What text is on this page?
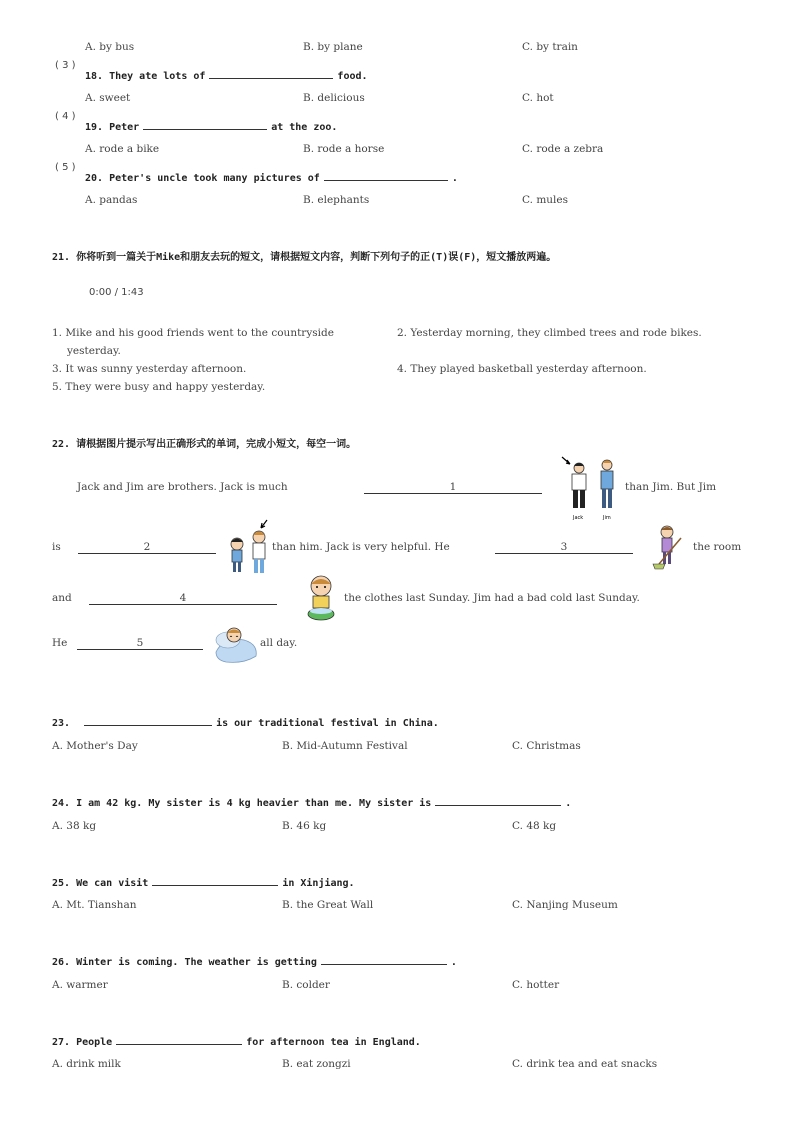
A. by bus	B. by plane	C. by train
( 3 )
18. They ate lots of	food.
A. sweet	B. delicious	C. hot
( 4 )
19. Peter	at the zoo.
A. rode a bike	B. rode a horse	C. rode a zebra
( 5 )
20. Peter's uncle took many pictures of	.
A. pandas	B. elephants	C. mules
21. 你将听到一篇关于Mike和朋友去玩的短文，请根据短文内容，判断下列句子的正(T)误(F)，短文播放两遍。
0:00 / 1:43
1. Mike and his good friends went to the countryside
yesterday.
2. Yesterday morning, they climbed trees and rode bikes.
3. It was sunny yesterday afternoon.	4. They played basketball yesterday afternoon.
5. They were busy and happy yesterday.
22. 请根据图片提示写出正确形式的单词，完成小短文，每空一词。
Jack and Jim are brothers. Jack is much	1
Jack	Jim
than Jim. But Jim
is	2	than him. Jack is very helpful. He	3	the room
and	4	the clothes last Sunday. Jim had a bad cold last Sunday.
He	5	all day.
23.	is our traditional festival in China.
A. Mother's Day	B. Mid-Autumn Festival	C. Christmas
24. I am 42 kg. My sister is 4 kg heavier than me. My sister is	.
A. 38 kg	B. 46 kg	C. 48 kg
25. We can visit	in Xinjiang.
A. Mt. Tianshan	B. the Great Wall	C. Nanjing Museum
26. Winter is coming. The weather is getting	.
A. warmer	B. colder	C. hotter
27. People	for afternoon tea in England.
A. drink milk	B. eat zongzi	C. drink tea and eat snacks
